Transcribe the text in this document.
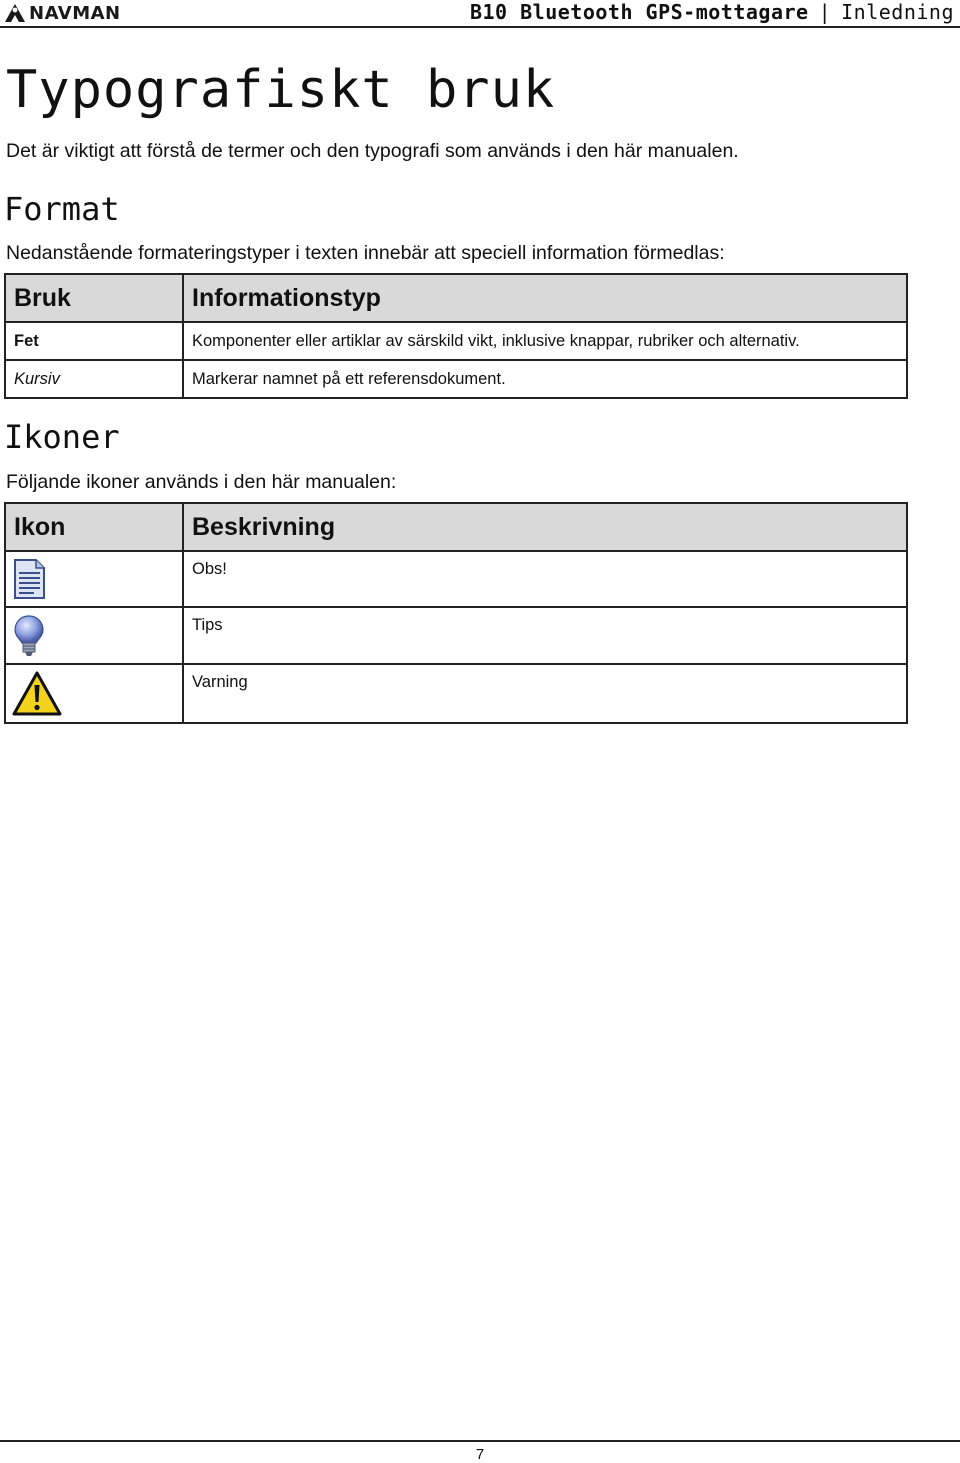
NAVMAN	B10 Bluetooth GPS-mottagare | Inledning
Typografiskt bruk

Det är viktigt att förstå de termer och den typografi som används i den här manualen.

Format

Nedanstående formateringstyper i texten innebär att speciell information förmedlas:

Bruk	Informationstyp
Fet	Komponenter eller artiklar av särskild vikt, inklusive knappar, rubriker och alternativ.
Kursiv	Markerar namnet på ett referensdokument.
Ikoner

Följande ikoner används i den här manualen:

Ikon	Beskrivning
	Obs!
	Tips
	Varning
7
